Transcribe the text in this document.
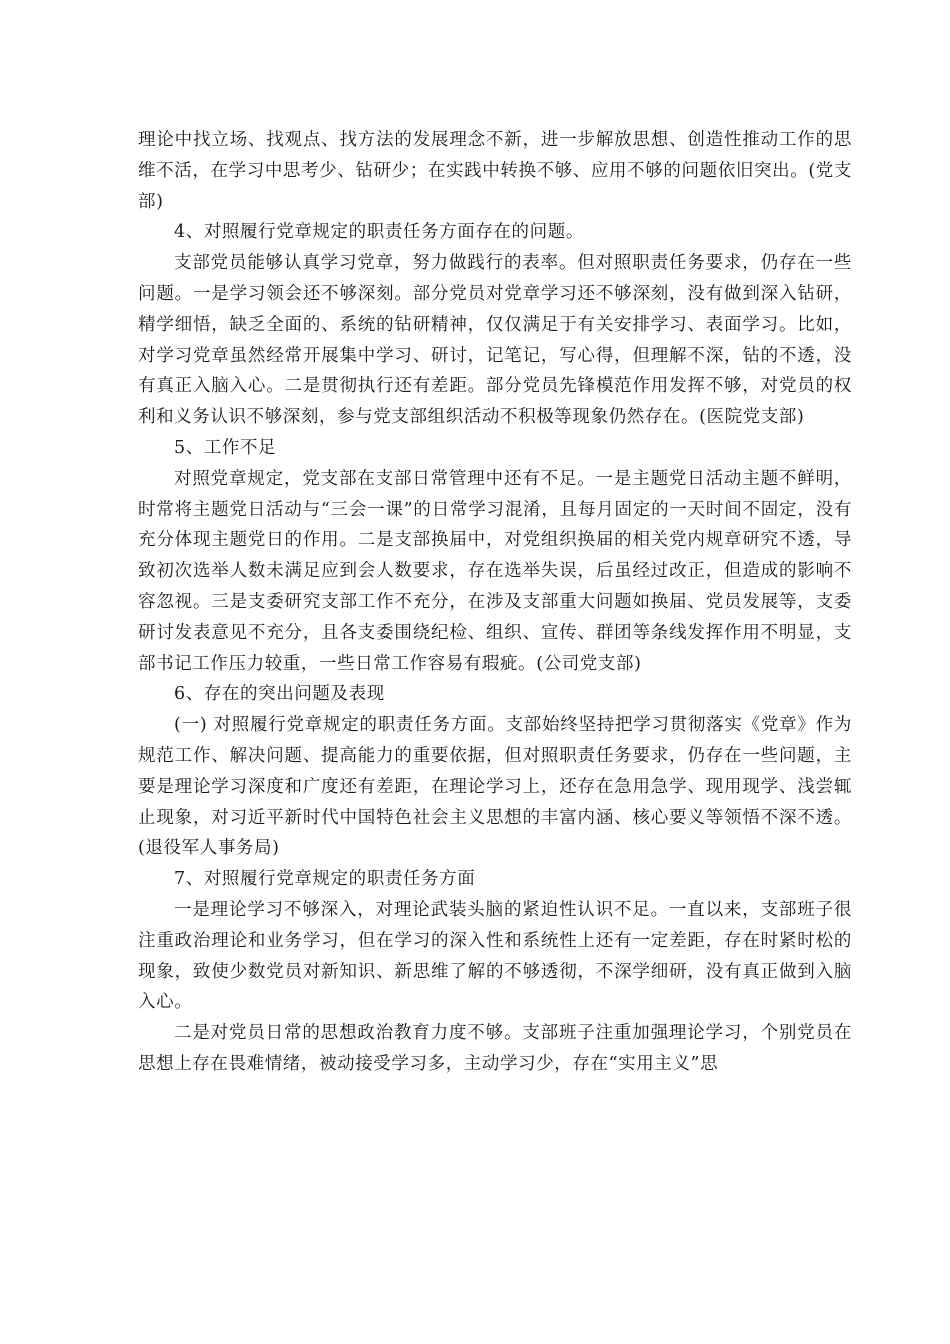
理论中找立场、找观点、找方法的发展理念不新，进一步解放思想、创造性推动工作的思维不活，在学习中思考少、钻研少；在实践中转换不够、应用不够的问题依旧突出。(党支部)

4、对照履行党章规定的职责任务方面存在的问题。

支部党员能够认真学习党章，努力做践行的表率。但对照职责任务要求，仍存在一些问题。一是学习领会还不够深刻。部分党员对党章学习还不够深刻，没有做到深入钻研，精学细悟，缺乏全面的、系统的钻研精神，仅仅满足于有关安排学习、表面学习。比如，对学习党章虽然经常开展集中学习、研讨，记笔记，写心得，但理解不深，钻的不透，没有真正入脑入心。二是贯彻执行还有差距。部分党员先锋模范作用发挥不够，对党员的权利和义务认识不够深刻，参与党支部组织活动不积极等现象仍然存在。(医院党支部)

5、工作不足

对照党章规定，党支部在支部日常管理中还有不足。一是主题党日活动主题不鲜明，时常将主题党日活动与“三会一课”的日常学习混淆，且每月固定的一天时间不固定，没有充分体现主题党日的作用。二是支部换届中，对党组织换届的相关党内规章研究不透，导致初次选举人数未满足应到会人数要求，存在选举失误，后虽经过改正，但造成的影响不容忽视。三是支委研究支部工作不充分，在涉及支部重大问题如换届、党员发展等，支委研讨发表意见不充分，且各支委围绕纪检、组织、宣传、群团等条线发挥作用不明显，支部书记工作压力较重，一些日常工作容易有瑕疵。(公司党支部)

6、存在的突出问题及表现

(一) 对照履行党章规定的职责任务方面。支部始终坚持把学习贯彻落实《党章》作为规范工作、解决问题、提高能力的重要依据，但对照职责任务要求，仍存在一些问题，主要是理论学习深度和广度还有差距，在理论学习上，还存在急用急学、现用现学、浅尝辄止现象，对习近平新时代中国特色社会主义思想的丰富内涵、核心要义等领悟不深不透。(退役军人事务局)

7、对照履行党章规定的职责任务方面

一是理论学习不够深入，对理论武装头脑的紧迫性认识不足。一直以来，支部班子很注重政治理论和业务学习，但在学习的深入性和系统性上还有一定差距，存在时紧时松的现象，致使少数党员对新知识、新思维了解的不够透彻，不深学细研，没有真正做到入脑入心。

二是对党员日常的思想政治教育力度不够。支部班子注重加强理论学习，个别党员在思想上存在畏难情绪，被动接受学习多，主动学习少，存在“实用主义”思
